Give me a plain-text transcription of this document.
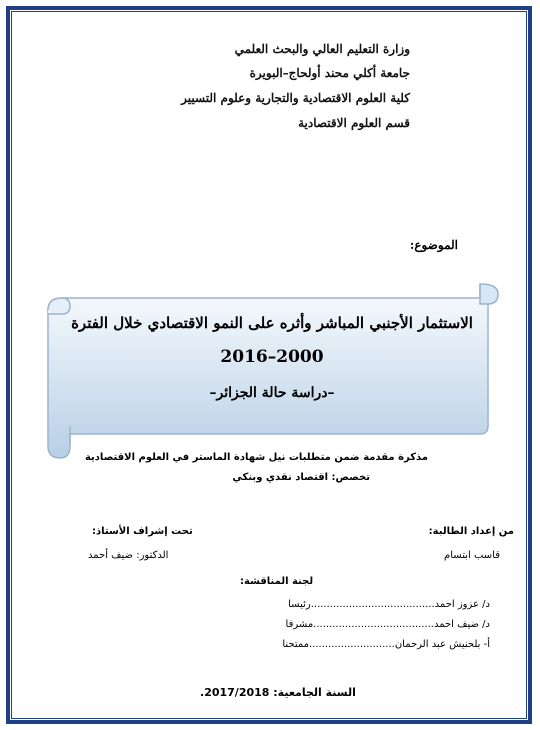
وزارة التعليم العالي والبحث العلمي
جامعة أكلي محند أولحاج–البويرة
كلية العلوم الاقتصادية والتجارية وعلوم التسيير
قسم العلوم الاقتصادية
الموضوع:
الاستثمار الأجنبي المباشر وأثره على النمو الاقتصادي خلال الفترة
2000–2016
–دراسة حالة الجزائر–
مذكرة مقدمة ضمن متطلبات نيل شهادة الماستر في العلوم الاقتصادية
تخصص: اقتصاد نقدي وبنكي
من إعداد الطالبة:
تحت إشراف الأستاذ:
قاسب ابتسام
الدكتور: ضيف أحمد
لجنة المناقشة:
د/ عزوز احمد.......................................رئيسا
د/ ضيف احمد......................................مشرفا
أ- بلحنيش عبد الرحمان...........................ممتحنا
السنة الجامعية: 2017/2018.
